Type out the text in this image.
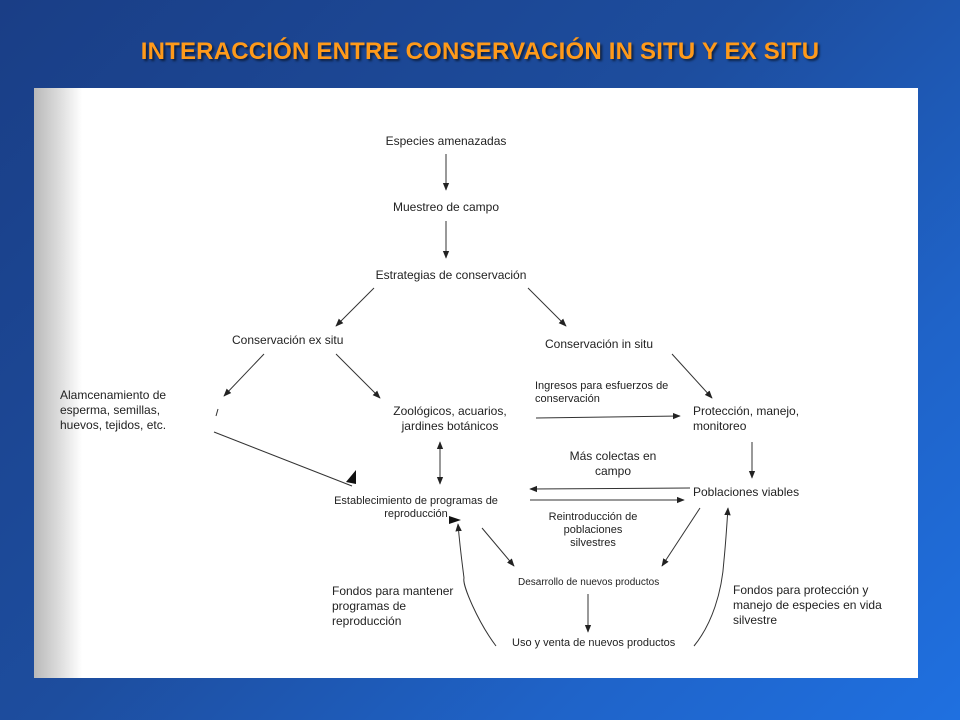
INTERACCIÓN ENTRE CONSERVACIÓN IN SITU Y EX SITU
Especies amenazadas
Muestreo de campo
Estrategias de conservación
Conservación ex situ	Conservación in situ
Alamcenamiento de esperma, semillas, huevos, tejidos, etc.
Zoológicos, acuarios, jardines botánicos
Ingresos para esfuerzos de conservación
Protección, manejo, monitoreo
Más colectas en campo
Poblaciones viables
Establecimiento de programas de reproducción	Reintroducción de poblaciones silvestres
Fondos para mantener programas de reproducción
Desarrollo de nuevos productos
Fondos para protección y manejo de especies en vida silvestre
Uso y venta de nuevos productos
